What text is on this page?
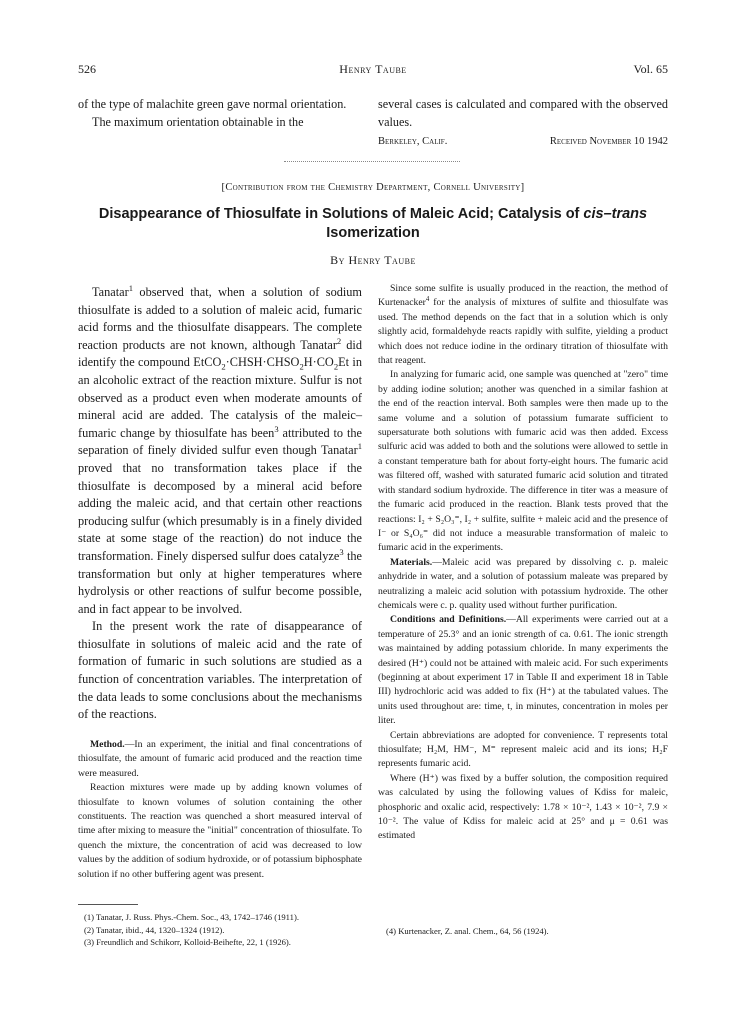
526	Henry Taube	Vol. 65

of the type of malachite green gave normal orientation.

The maximum orientation obtainable in the

several cases is calculated and compared with the observed values.

Berkeley, Calif.	Received November 10 1942
[Contribution from the Chemistry Department, Cornell University]
Disappearance of Thiosulfate in Solutions of Maleic Acid; Catalysis of cis–trans Isomerization
By Henry Taube

Tanatar$^1$ observed that, when a solution of sodium thiosulfate is added to a solution of maleic acid, fumaric acid forms and the thiosulfate disappears. The complete reaction products are not known, although Tanatar$^2$ did identify the compound $EtCO_2\cdot CHSH\cdot CHSO_2H\cdot CO_2Et$ in an alcoholic extract of the reaction mixture. Sulfur is not observed as a product even when moderate amounts of mineral acid are added. The catalysis of the maleic–fumaric change by thiosulfate has been$^3$ attributed to the separation of finely divided sulfur even though Tanatar$^1$ proved that no transformation takes place if the thiosulfate is decomposed by a mineral acid before adding the maleic acid, and that certain other reactions producing sulfur (which presumably is in a finely divided state at some stage of the reaction) do not induce the transformation. Finely dispersed sulfur does catalyze$^3$ the transformation but only at higher temperatures where hydrolysis or other reactions of sulfur become possible, and in fact appear to be involved.

In the present work the rate of disappearance of thiosulfate in solutions of maleic acid and the rate of formation of fumaric in such solutions are studied as a function of concentration variables. The interpretation of the data leads to some conclusions about the mechanisms of the reactions.

Method.—In an experiment, the initial and final concentrations of thiosulfate, the amount of fumaric acid produced and the reaction time were measured.

Reaction mixtures were made up by adding known volumes of thiosulfate to known volumes of solution containing the other constituents. The reaction was quenched a short measured interval of time after mixing to measure the "initial" concentration of thiosulfate. To quench the mixture, the concentration of acid was decreased to low values by the addition of sodium hydroxide, or of potassium biphosphate solution if no other buffering agent was present.

(1) Tanatar, J. Russ. Phys.-Chem. Soc., 43, 1742–1746 (1911).

(2) Tanatar, ibid., 44, 1320–1324 (1912).

(3) Freundlich and Schikorr, Kolloid-Beihefte, 22, 1 (1926).

Since some sulfite is usually produced in the reaction, the method of Kurtenacker$^4$ for the analysis of mixtures of sulfite and thiosulfate was used. The method depends on the fact that in a solution which is only slightly acid, formaldehyde reacts rapidly with sulfite, yielding a product which does not reduce iodine in the ordinary titration of thiosulfate with that reagent.

In analyzing for fumaric acid, one sample was quenched at "zero" time by adding iodine solution; another was quenched in a similar fashion at the end of the reaction interval. Both samples were then made up to the same volume and a solution of potassium fumarate sufficient to supersaturate both solutions with fumaric acid was then added. Excess sulfuric acid was added to both and the solutions were allowed to settle in a constant temperature bath for about forty-eight hours. The fumaric acid was filtered off, washed with saturated fumaric acid solution and titrated with standard sodium hydroxide. The difference in titer was a measure of the fumaric acid produced in the reaction. Blank tests proved that the reactions: I₂ + S₂O₃⁼, I₂ + sulfite, sulfite + maleic acid and the presence of I⁻ or S₄O₆⁼ did not induce a measurable transformation of maleic to fumaric acid in the experiments.

Materials.—Maleic acid was prepared by dissolving c. p. maleic anhydride in water, and a solution of potassium maleate was prepared by neutralizing a maleic acid solution with potassium hydroxide. The other chemicals were c. p. quality used without further purification.

Conditions and Definitions.—All experiments were carried out at a temperature of 25.3° and an ionic strength of ca. 0.61. The ionic strength was maintained by adding potassium chloride. In many experiments the desired (H⁺) could not be attained with maleic acid. For such experiments (beginning at about experiment 17 in Table II and experiment 18 in Table III) hydrochloric acid was added to fix (H⁺) at the tabulated values. The units used throughout are: time, t, in minutes, concentration in moles per liter.

Certain abbreviations are adopted for convenience. T represents total thiosulfate; H₂M, HM⁻, M⁼ represent maleic acid and its ions; H₂F represents fumaric acid.

Where (H⁺) was fixed by a buffer solution, the composition required was calculated by using the following values of Kdiss for maleic, phosphoric and oxalic acid, respectively: 1.78 × 10⁻², 1.43 × 10⁻², 7.9 × 10⁻². The value of Kdiss for maleic acid at 25° and μ = 0.61 was estimated

(4) Kurtenacker, Z. anal. Chem., 64, 56 (1924).
